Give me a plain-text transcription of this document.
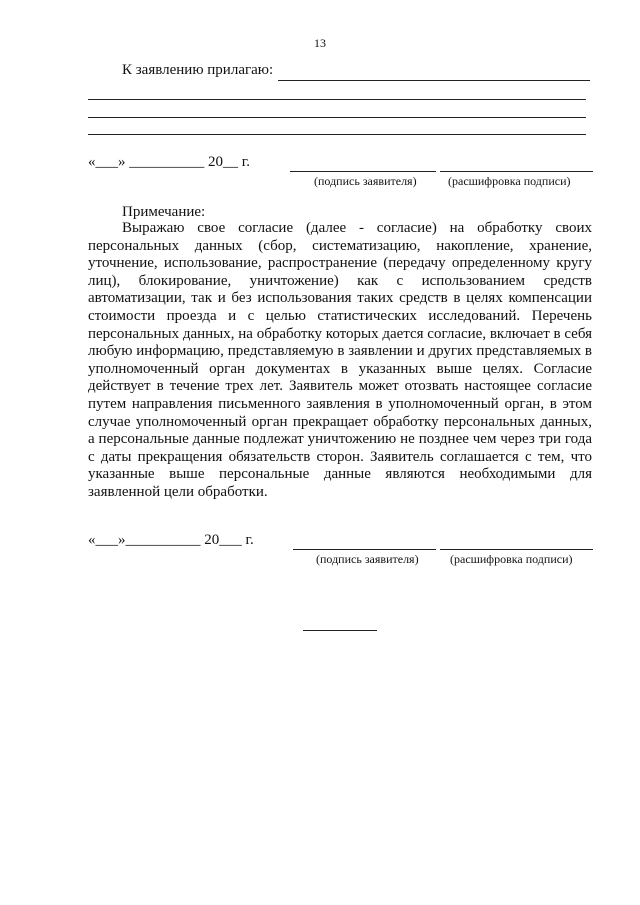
13
К заявлению прилагаю:
«___» __________ 20__ г.
(подпись заявителя)	(расшифровка подписи)
Примечание:

Выражаю свое согласие (далее - согласие) на обработку своих персональных данных (сбор, систематизацию, накопление, хранение, уточнение, использование, распространение (передачу определенному кругу лиц), блокирование, уничтожение) как с использованием средств автоматизации, так и без использования таких средств в целях компенсации стоимости проезда и с целью статистических исследований. Перечень персональных данных, на обработку которых дается согласие, включает в себя любую информацию, представляемую в заявлении и других представляемых в уполномоченный орган документах в указанных выше целях. Согласие действует в течение трех лет. Заявитель может отозвать настоящее согласие путем направления письменного заявления в уполномоченный орган, в этом случае уполномоченный орган прекращает обработку персональных данных, а персональные данные подлежат уничтожению не позднее чем через три года с даты прекращения обязательств сторон. Заявитель соглашается с тем, что указанные выше персональные данные являются необходимыми для заявленной цели обработки.

«___»__________ 20___ г.
(подпись заявителя)	(расшифровка подписи)
